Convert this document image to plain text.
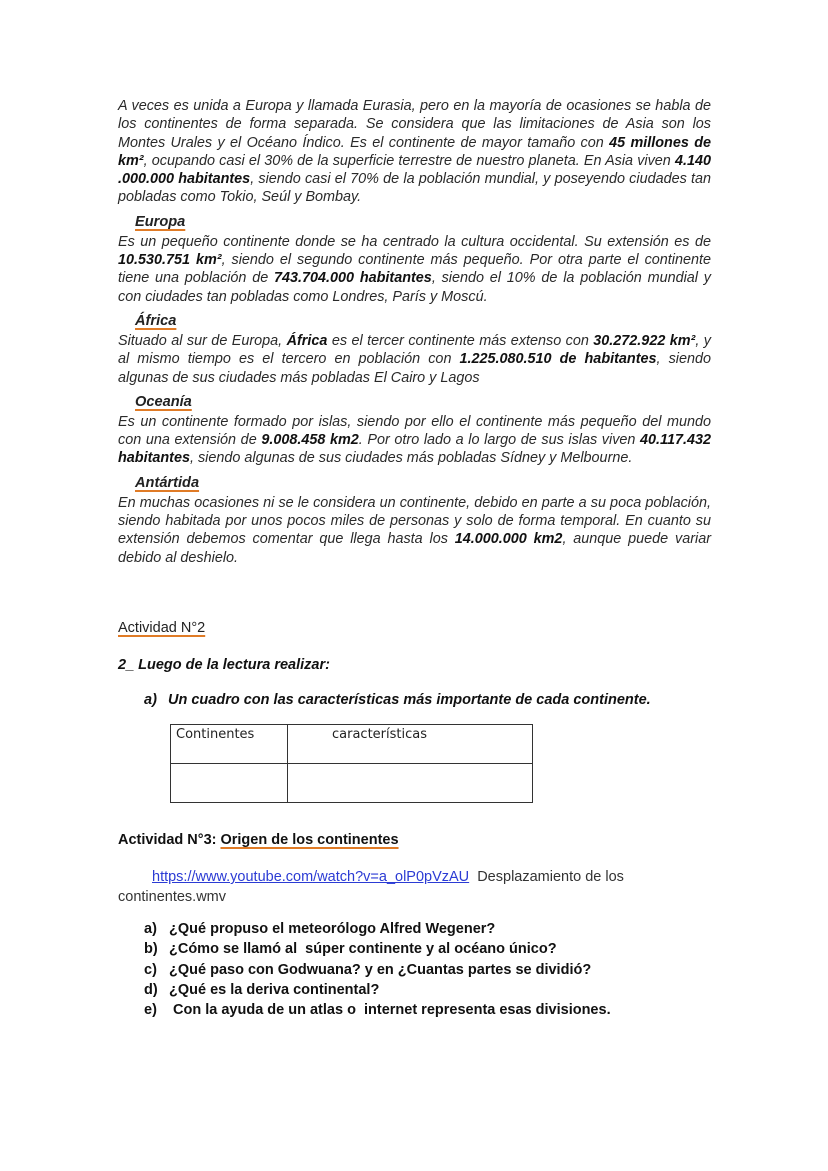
A veces es unida a Europa y llamada Eurasia, pero en la mayoría de ocasiones se habla de los continentes de forma separada. Se considera que las limitaciones de Asia son los Montes Urales y el Océano Índico. Es el continente de mayor tamaño con 45 millones de km², ocupando casi el 30% de la superficie terrestre de nuestro planeta. En Asia viven 4.140 .000.000 habitantes, siendo casi el 70% de la población mundial, y poseyendo ciudades tan pobladas como Tokio, Seúl y Bombay.

Europa

Es un pequeño continente donde se ha centrado la cultura occidental. Su extensión es de 10.530.751 km², siendo el segundo continente más pequeño. Por otra parte el continente tiene una población de 743.704.000 habitantes, siendo el 10% de la población mundial y con ciudades tan pobladas como Londres, París y Moscú.

África

Situado al sur de Europa, África es el tercer continente más extenso con 30.272.922 km², y al mismo tiempo es el tercero en población con 1.225.080.510 de habitantes, siendo algunas de sus ciudades más pobladas El Cairo y Lagos

Oceanía

Es un continente formado por islas, siendo por ello el continente más pequeño del mundo con una extensión de 9.008.458 km2. Por otro lado a lo largo de sus islas viven 40.117.432 habitantes, siendo algunas de sus ciudades más pobladas Sídney y Melbourne.

Antártida

En muchas ocasiones ni se le considera un continente, debido en parte a su poca población, siendo habitada por unos pocos miles de personas y solo de forma temporal. En cuanto su extensión debemos comentar que llega hasta los 14.000.000 km2, aunque puede variar debido al deshielo.

Actividad N°2
2_ Luego de la lectura realizar:
a) Un cuadro con las características más importante de cada continente.
Continentes	características

Actividad N°3: Origen de los continentes
https://www.youtube.com/watch?v=a_olP0pVzAU  Desplazamiento de los continentes.wmv
a) ¿Qué propuso el meteorólogo Alfred Wegener?
b) ¿Cómo se llamó al  súper continente y al océano único?
c) ¿Qué paso con Godwuana? y en ¿Cuantas partes se dividió?
d) ¿Qué es la deriva continental?
e) Con la ayuda de un atlas o  internet representa esas divisiones.
